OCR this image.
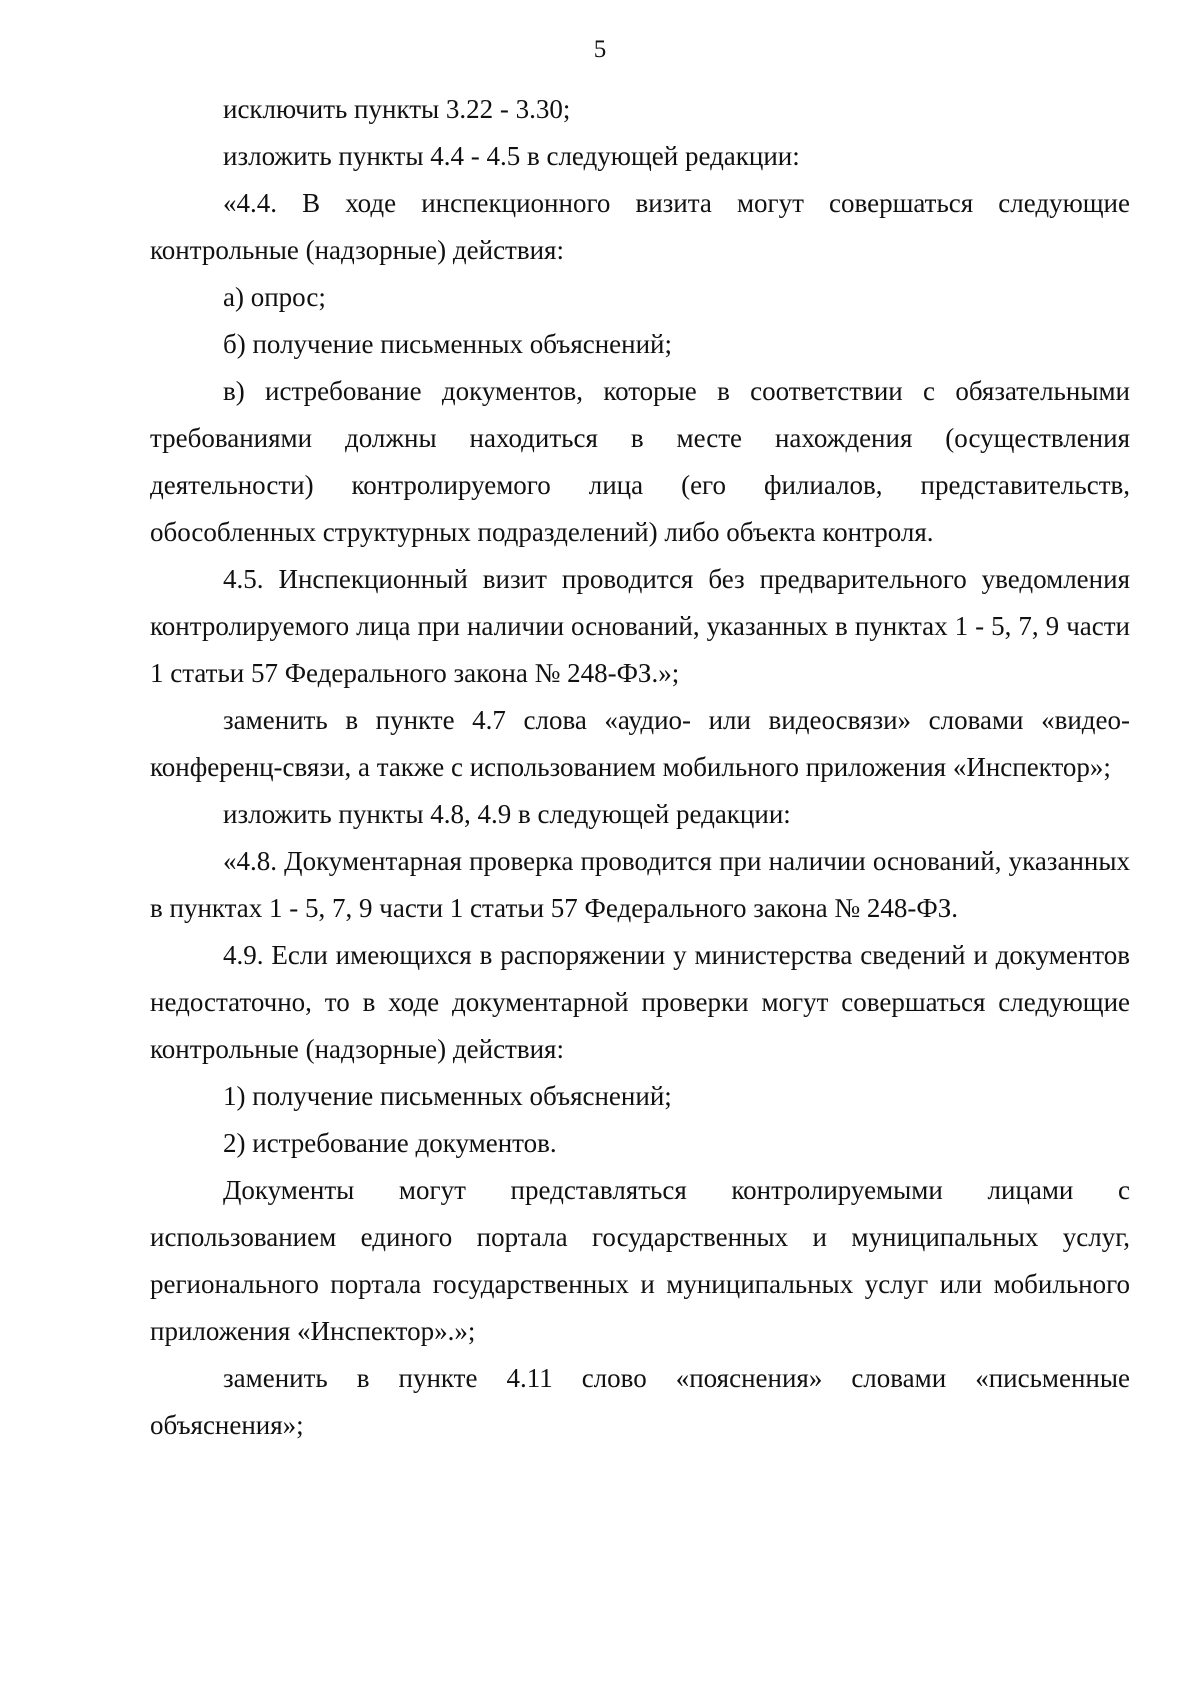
5

исключить пункты 3.22 - 3.30;

изложить пункты 4.4 - 4.5 в следующей редакции:

«4.4. В ходе инспекционного визита могут совершаться следующие контрольные (надзорные) действия:

а) опрос;

б) получение письменных объяснений;

в) истребование документов, которые в соответствии с обязательными требованиями должны находиться в месте нахождения (осуществления деятельности) контролируемого лица (его филиалов, представительств, обособленных структурных подразделений) либо объекта контроля.

4.5. Инспекционный визит проводится без предварительного уведомления контролируемого лица при наличии оснований, указанных в пунктах 1 - 5, 7, 9 части 1 статьи 57 Федерального закона № 248-ФЗ.»;

заменить в пункте 4.7 слова «аудио- или видеосвязи» словами «видео-конференц-связи, а также с использованием мобильного приложения «Инспектор»;

изложить пункты 4.8, 4.9 в следующей редакции:

«4.8. Документарная проверка проводится при наличии оснований, указанных в пунктах 1 - 5, 7, 9 части 1 статьи 57 Федерального закона № 248-ФЗ.

4.9. Если имеющихся в распоряжении у министерства сведений и документов недостаточно, то в ходе документарной проверки могут совершаться следующие контрольные (надзорные) действия:

1) получение письменных объяснений;

2) истребование документов.

Документы могут представляться контролируемыми лицами с использованием единого портала государственных и муниципальных услуг, регионального портала государственных и муниципальных услуг или мобильного приложения «Инспектор».»;

заменить в пункте 4.11 слово «пояснения» словами «письменные объяснения»;
